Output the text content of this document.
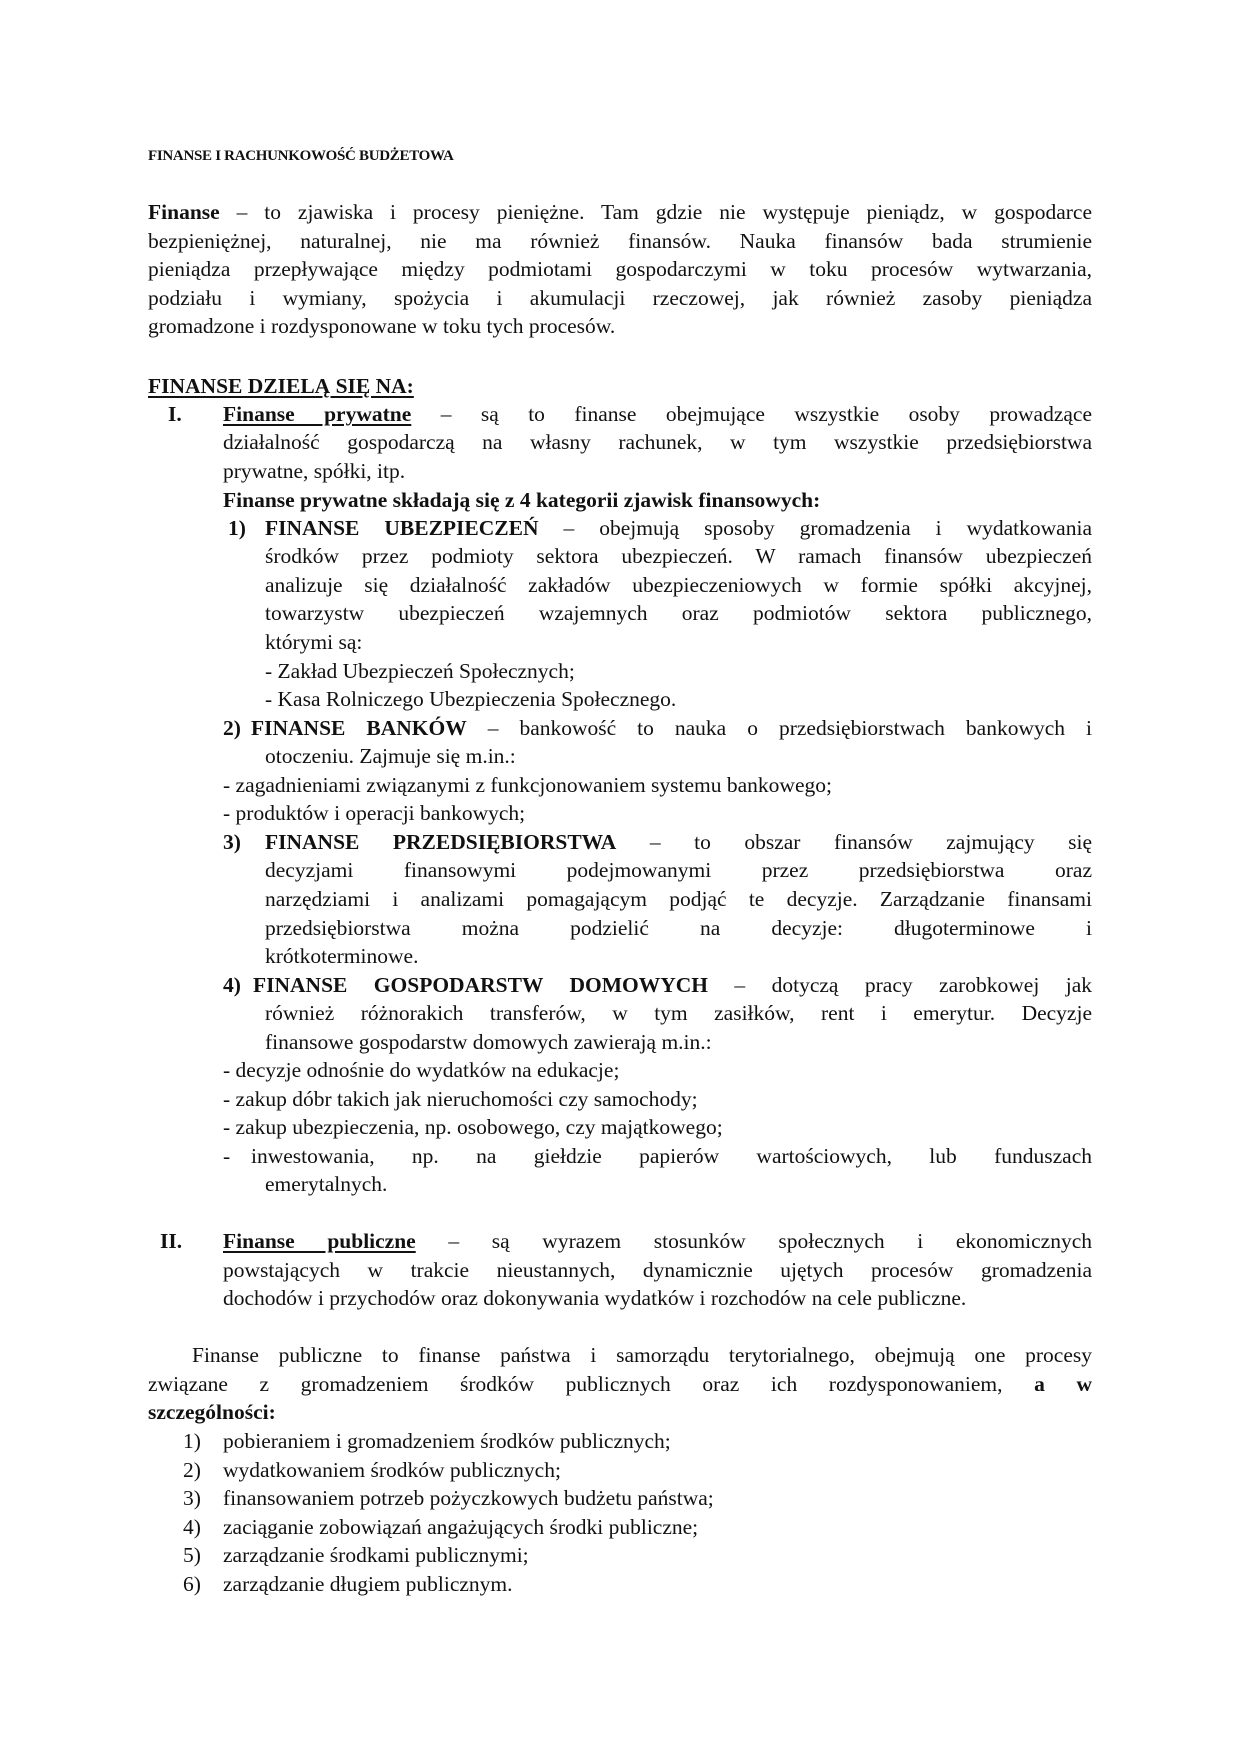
FINANSE I RACHUNKOWOŚĆ BUDŻETOWA
Finanse – to zjawiska i procesy pieniężne. Tam gdzie nie występuje pieniądz, w gospodarce
bezpieniężnej, naturalnej, nie ma również finansów. Nauka finansów bada strumienie
pieniądza przepływające między podmiotami gospodarczymi w toku procesów wytwarzania,
podziału i wymiany, spożycia i akumulacji rzeczowej, jak również zasoby pieniądza
gromadzone i rozdysponowane w toku tych procesów.
FINANSE DZIELĄ SIĘ NA:
I. Finanse prywatne – są to finanse obejmujące wszystkie osoby prowadzące
działalność gospodarczą na własny rachunek, w tym wszystkie przedsiębiorstwa
prywatne, spółki, itp.
Finanse prywatne składają się z 4 kategorii zjawisk finansowych:
1) FINANSE UBEZPIECZEŃ – obejmują sposoby gromadzenia i wydatkowania
środków przez podmioty sektora ubezpieczeń. W ramach finansów ubezpieczeń
analizuje się działalność zakładów ubezpieczeniowych w formie spółki akcyjnej,
towarzystw ubezpieczeń wzajemnych oraz podmiotów sektora publicznego,
którymi są:
- Zakład Ubezpieczeń Społecznych;
- Kasa Rolniczego Ubezpieczenia Społecznego.
2) FINANSE BANKÓW – bankowość to nauka o przedsiębiorstwach bankowych i
otoczeniu. Zajmuje się m.in.:
- zagadnieniami związanymi z funkcjonowaniem systemu bankowego;
- produktów i operacji bankowych;
3) FINANSE PRZEDSIĘBIORSTWA – to obszar finansów zajmujący się
decyzjami finansowymi podejmowanymi przez przedsiębiorstwa oraz
narzędziami i analizami pomagającym podjąć te decyzje. Zarządzanie finansami
przedsiębiorstwa można podzielić na decyzje: długoterminowe i
krótkoterminowe.
4) FINANSE GOSPODARSTW DOMOWYCH – dotyczą pracy zarobkowej jak
również różnorakich transferów, w tym zasiłków, rent i emerytur. Decyzje
finansowe gospodarstw domowych zawierają m.in.:
- decyzje odnośnie do wydatków na edukacje;
- zakup dóbr takich jak nieruchomości czy samochody;
- zakup ubezpieczenia, np. osobowego, czy majątkowego;
- inwestowania, np. na giełdzie papierów wartościowych, lub funduszach
emerytalnych.
II. Finanse publiczne – są wyrazem stosunków społecznych i ekonomicznych
powstających w trakcie nieustannych, dynamicznie ujętych procesów gromadzenia
dochodów i przychodów oraz dokonywania wydatków i rozchodów na cele publiczne.
Finanse publiczne to finanse państwa i samorządu terytorialnego, obejmują one procesy
związane z gromadzeniem środków publicznych oraz ich rozdysponowaniem, a w
szczególności:
1) pobieraniem i gromadzeniem środków publicznych;
2) wydatkowaniem środków publicznych;
3) finansowaniem potrzeb pożyczkowych budżetu państwa;
4) zaciąganie zobowiązań angażujących środki publiczne;
5) zarządzanie środkami publicznymi;
6) zarządzanie długiem publicznym.
